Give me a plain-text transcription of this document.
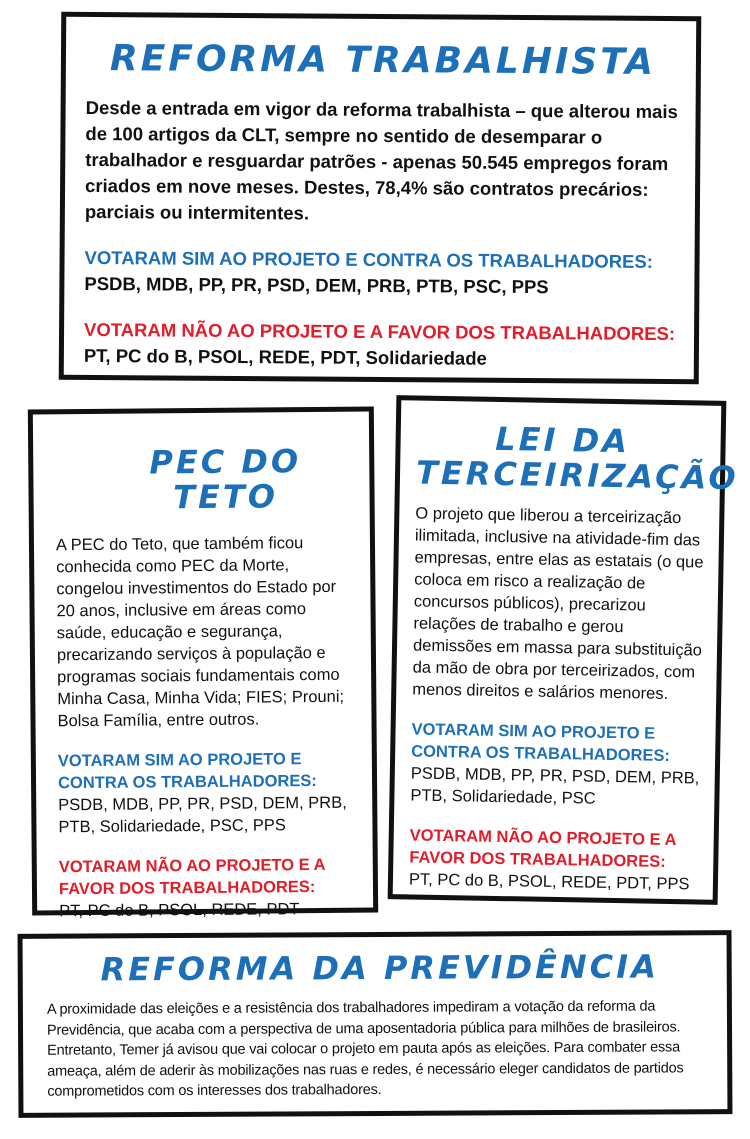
REFORMA TRABALHISTA

Desde a entrada em vigor da reforma trabalhista – que alterou mais de 100 artigos da CLT, sempre no sentido de desemparar o trabalhador e resguardar patrões - apenas 50.545 empregos foram criados em nove meses. Destes, 78,4% são contratos precários: parciais ou intermitentes.

VOTARAM SIM AO PROJETO E CONTRA OS TRABALHADORES:

PSDB, MDB, PP, PR, PSD, DEM, PRB, PTB, PSC, PPS

VOTARAM NÃO AO PROJETO E A FAVOR DOS TRABALHADORES:

PT, PC do B, PSOL, REDE, PDT, Solidariedade

PEC DO TETO

A PEC do Teto, que também ficou conhecida como PEC da Morte, congelou investimentos do Estado por 20 anos, inclusive em áreas como saúde, educação e segurança, precarizando serviços à população e programas sociais fundamentais como Minha Casa, Minha Vida; FIES; Prouni; Bolsa Família, entre outros.

VOTARAM SIM AO PROJETO E CONTRA OS TRABALHADORES:

PSDB, MDB, PP, PR, PSD, DEM, PRB, PTB, Solidariedade, PSC, PPS

VOTARAM NÃO AO PROJETO E A FAVOR DOS TRABALHADORES:

PT, PC do B, PSOL, REDE, PDT

LEI DA TERCEIRIZAÇÃO

O projeto que liberou a terceirização ilimitada, inclusive na atividade-fim das empresas, entre elas as estatais (o que coloca em risco a realização de concursos públicos), precarizou relações de trabalho e gerou demissões em massa para substituição da mão de obra por terceirizados, com menos direitos e salários menores.

VOTARAM SIM AO PROJETO E CONTRA OS TRABALHADORES:

PSDB, MDB, PP, PR, PSD, DEM, PRB, PTB, Solidariedade, PSC

VOTARAM NÃO AO PROJETO E A FAVOR DOS TRABALHADORES:

PT, PC do B, PSOL, REDE, PDT, PPS

REFORMA DA PREVIDÊNCIA

A proximidade das eleições e a resistência dos trabalhadores impediram a votação da reforma da Previdência, que acaba com a perspectiva de uma aposentadoria pública para milhões de brasileiros. Entretanto, Temer já avisou que vai colocar o projeto em pauta após as eleições. Para combater essa ameaça, além de aderir às mobilizações nas ruas e redes, é necessário eleger candidatos de partidos comprometidos com os interesses dos trabalhadores.
